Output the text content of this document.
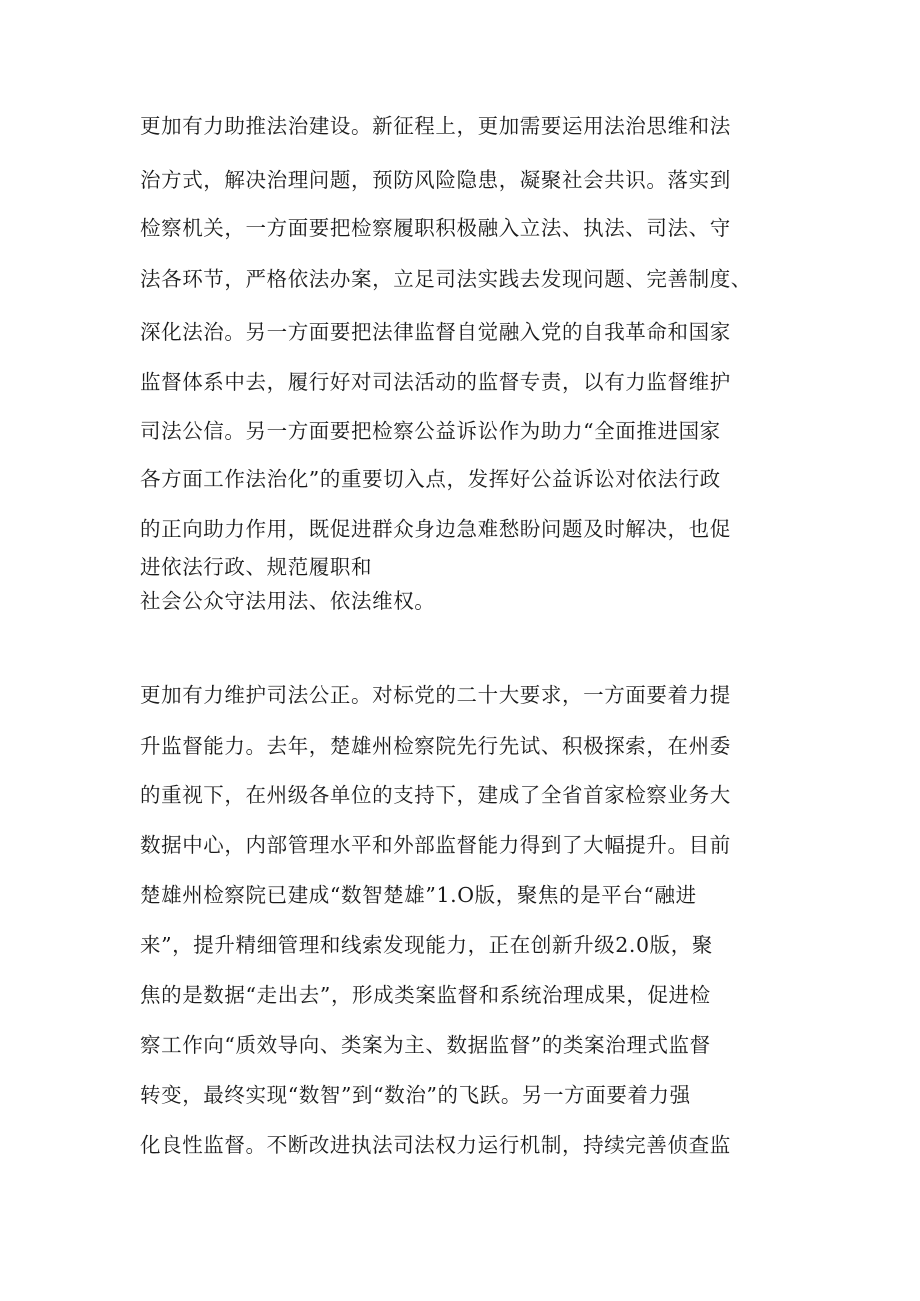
更加有力助推法治建设。新征程上，更加需要运用法治思维和法
治方式，解决治理问题，预防风险隐患，凝聚社会共识。落实到
检察机关，一方面要把检察履职积极融入立法、执法、司法、守
法各环节，严格依法办案，立足司法实践去发现问题、完善制度、
深化法治。另一方面要把法律监督自觉融入党的自我革命和国家
监督体系中去，履行好对司法活动的监督专责，以有力监督维护
司法公信。另一方面要把检察公益诉讼作为助力“全面推进国家
各方面工作法治化”的重要切入点，发挥好公益诉讼对依法行政
的正向助力作用，既促进群众身边急难愁盼问题及时解决，也促
进依法行政、规范履职和
社会公众守法用法、依法维权。
更加有力维护司法公正。对标党的二十大要求，一方面要着力提
升监督能力。去年，楚雄州检察院先行先试、积极探索，在州委
的重视下，在州级各单位的支持下，建成了全省首家检察业务大
数据中心，内部管理水平和外部监督能力得到了大幅提升。目前
楚雄州检察院已建成“数智楚雄”1.O版，聚焦的是平台“融进
来”，提升精细管理和线索发现能力，正在创新升级2.0版，聚
焦的是数据“走出去”，形成类案监督和系统治理成果，促进检
察工作向“质效导向、类案为主、数据监督”的类案治理式监督
转变，最终实现“数智”到“数治”的飞跃。另一方面要着力强
化良性监督。不断改进执法司法权力运行机制，持续完善侦查监
